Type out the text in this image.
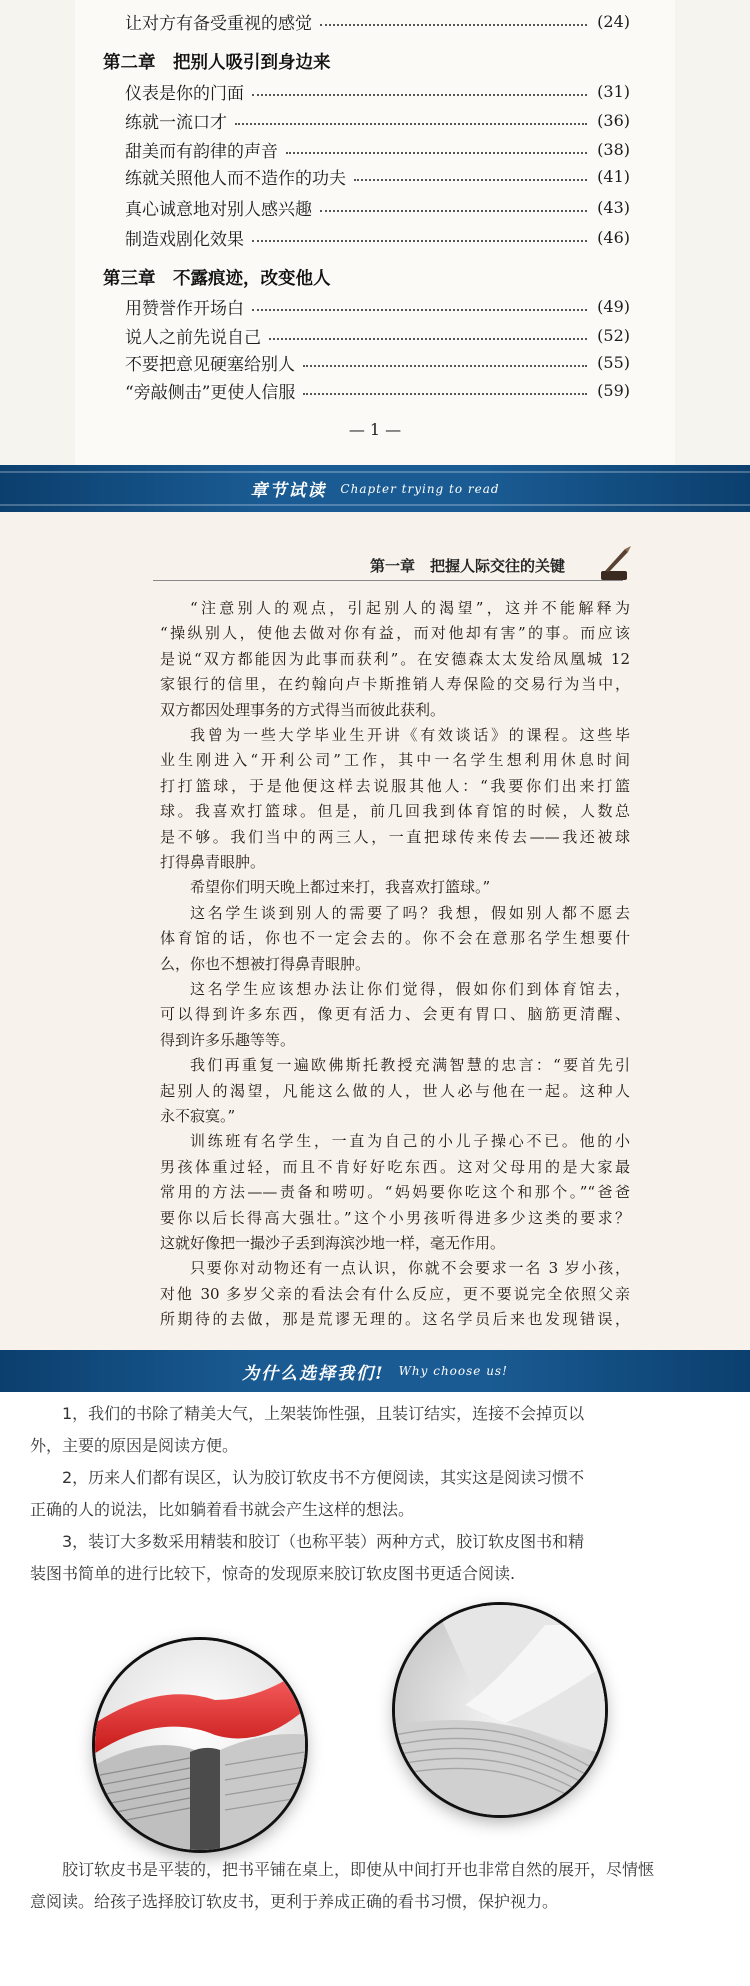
让对方有备受重视的感觉	(24)
第二章　把别人吸引到身边来
仪表是你的门面	(31)
练就一流口才	(36)
甜美而有韵律的声音	(38)
练就关照他人而不造作的功夫	(41)
真心诚意地对别人感兴趣	(43)
制造戏剧化效果	(46)
第三章　不露痕迹，改变他人
用赞誉作开场白	(49)
说人之前先说自己	(52)
不要把意见硬塞给别人	(55)
“旁敲侧击”更使人信服	(59)
— 1 —
章节试读 Chapter trying to read
第一章　把握人际交往的关键
“注意别人的观点，引起别人的渴望”，这并不能解释为
“操纵别人，使他去做对你有益，而对他却有害”的事。而应该
是说“双方都能因为此事而获利”。在安德森太太发给凤凰城 12
家银行的信里，在约翰向卢卡斯推销人寿保险的交易行为当中，
双方都因处理事务的方式得当而彼此获利。
我曾为一些大学毕业生开讲《有效谈话》的课程。这些毕
业生刚进入“开利公司”工作，其中一名学生想利用休息时间
打打篮球，于是他便这样去说服其他人：“我要你们出来打篮
球。我喜欢打篮球。但是，前几回我到体育馆的时候，人数总
是不够。我们当中的两三人，一直把球传来传去——我还被球
打得鼻青眼肿。
希望你们明天晚上都过来打，我喜欢打篮球。”
这名学生谈到别人的需要了吗？我想，假如别人都不愿去
体育馆的话，你也不一定会去的。你不会在意那名学生想要什
么，你也不想被打得鼻青眼肿。
这名学生应该想办法让你们觉得，假如你们到体育馆去，
可以得到许多东西，像更有活力、会更有胃口、脑筋更清醒、
得到许多乐趣等等。
我们再重复一遍欧佛斯托教授充满智慧的忠言：“要首先引
起别人的渴望，凡能这么做的人，世人必与他在一起。这种人
永不寂寞。”
训练班有名学生，一直为自己的小儿子操心不已。他的小
男孩体重过轻，而且不肯好好吃东西。这对父母用的是大家最
常用的方法——责备和唠叨。“妈妈要你吃这个和那个。”“爸爸
要你以后长得高大强壮。”这个小男孩听得进多少这类的要求？
这就好像把一撮沙子丢到海滨沙地一样，毫无作用。
只要你对动物还有一点认识，你就不会要求一名 3 岁小孩，
对他 30 多岁父亲的看法会有什么反应，更不要说完全依照父亲
所期待的去做，那是荒谬无理的。这名学员后来也发现错误，
为什么选择我们! Why choose us!
1，我们的书除了精美大气，上架装饰性强，且装订结实，连接不会掉页以
外，主要的原因是阅读方便。
2，历来人们都有误区，认为胶订软皮书不方便阅读，其实这是阅读习惯不
正确的人的说法，比如躺着看书就会产生这样的想法。
3，装订大多数采用精装和胶订（也称平装）两种方式，胶订软皮图书和精
装图书简单的进行比较下，惊奇的发现原来胶订软皮图书更适合阅读.
胶订软皮书是平装的，把书平铺在桌上，即使从中间打开也非常自然的展开，尽情惬
意阅读。给孩子选择胶订软皮书，更利于养成正确的看书习惯，保护视力。
